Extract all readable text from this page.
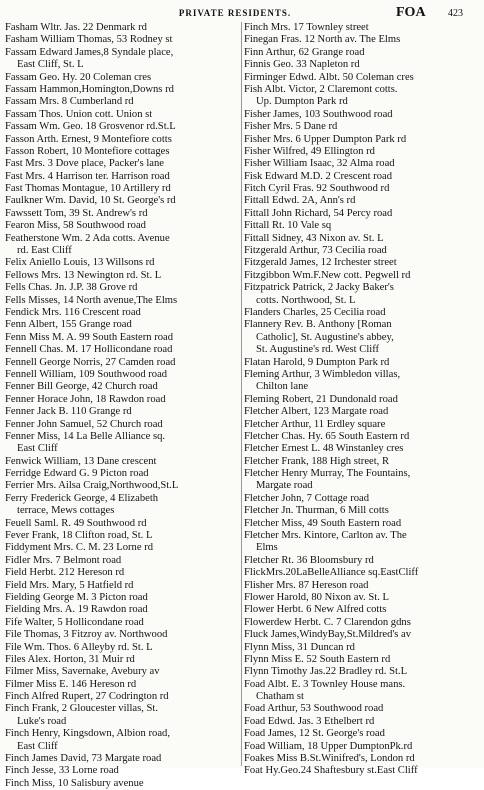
PRIVATE RESIDENTS.	FOA 423
Fasham Wltr. Jas. 22 Denmark rd
Fasham William Thomas, 53 Rodney st
Fassam Edward James,8 Syndale place,
East Cliff, St. L
Fassam Geo. Hy. 20 Coleman cres
Fassam Hammon,Homington,Downs rd
Fassam Mrs. 8 Cumberland rd
Fassam Thos. Union cott. Union st
Fassam Wm. Geo. 18 Grosvenor rd.St.L
Fasson Arth. Ernest, 9 Montefiore cotts
Fasson Robert, 10 Montefiore cottages
Fast Mrs. 3 Dove place, Packer's lane
Fast Mrs. 4 Harrison ter. Harrison road
Fast Thomas Montague, 10 Artillery rd
Faulkner Wm. David, 10 St. George's rd
Fawssett Tom, 39 St. Andrew's rd
Fearon Miss, 58 Southwood road
Featherstone Wm. 2 Ada cotts. Avenue
rd. East Cliff
Felix Aniello Louis, 13 Willsons rd
Fellows Mrs. 13 Newington rd. St. L
Fells Chas. Jn. J.P. 38 Grove rd
Fells Misses, 14 North avenue,The Elms
Fendick Mrs. 116 Crescent road
Fenn Albert, 155 Grange road
Fenn Miss M. A. 99 South Eastern road
Fennell Chas. M. 17 Hollicondane road
Fennell George Norris, 27 Camden road
Fennell William, 109 Southwood road
Fenner Bill George, 42 Church road
Fenner Horace John, 18 Rawdon road
Fenner Jack B. 110 Grange rd
Fenner John Samuel, 52 Church road
Fenner Miss, 14 La Belle Alliance sq.
East Cliff
Fenwick William, 13 Dane crescent
Ferridge Edward G. 9 Picton road
Ferrier Mrs. Ailsa Craig,Northwood,St.L
Ferry Frederick George, 4 Elizabeth
terrace, Mews cottages
Feuell Saml. R. 49 Southwood rd
Fever Frank, 18 Clifton road, St. L
Fiddyment Mrs. C. M. 23 Lorne rd
Fidler Mrs. 7 Belmont road
Field Herbt. 212 Hereson rd
Field Mrs. Mary, 5 Hatfield rd
Fielding George M. 3 Picton road
Fielding Mrs. A. 19 Rawdon road
Fife Walter, 5 Hollicondane road
File Thomas, 3 Fitzroy av. Northwood
File Wm. Thos. 6 Alleyby rd. St. L
Files Alex. Horton, 31 Muir rd
Filmer Miss, Savernake, Avebury av
Filmer Miss E. 146 Hereson rd
Finch Alfred Rupert, 27 Codrington rd
Finch Frank, 2 Gloucester villas, St.
Luke's road
Finch Henry, Kingsdown, Albion road,
East Cliff
Finch James David, 73 Margate road
Finch Jesse, 33 Lorne road
Finch Miss, 10 Salisbury avenue
Finch Mrs. 17 Townley street
Finegan Fras. 12 North av. The Elms
Finn Arthur, 62 Grange road
Finnis Geo. 33 Napleton rd
Firminger Edwd. Albt. 50 Coleman cres
Fish Albt. Victor, 2 Claremont cotts.
Up. Dumpton Park rd
Fisher James, 103 Southwood road
Fisher Mrs. 5 Dane rd
Fisher Mrs. 6 Upper Dumpton Park rd
Fisher Wilfred, 49 Ellington rd
Fisher William Isaac, 32 Alma road
Fisk Edward M.D. 2 Crescent road
Fitch Cyril Fras. 92 Southwood rd
Fittall Edwd. 2A, Ann's rd
Fittall John Richard, 54 Percy road
Fittall Rt. 10 Vale sq
Fittall Sidney, 43 Nixon av. St. L
Fitzgerald Arthur, 73 Cecilia road
Fitzgerald James, 12 Irchester street
Fitzgibbon Wm.F.New cott. Pegwell rd
Fitzpatrick Patrick, 2 Jacky Baker's
cotts. Northwood, St. L
Flanders Charles, 25 Cecilia road
Flannery Rev. B. Anthony [Roman
Catholic], St. Augustine's abbey,
St. Augustine's rd. West Cliff
Flatan Harold, 9 Dumpton Park rd
Fleming Arthur, 3 Wimbledon villas,
Chilton lane
Fleming Robert, 21 Dundonald road
Fletcher Albert, 123 Margate road
Fletcher Arthur, 11 Erdley square
Fletcher Chas. Hy. 65 South Eastern rd
Fletcher Ernest L. 48 Winstanley cres
Fletcher Frank, 188 High street, R
Fletcher Henry Murray, The Fountains,
Margate road
Fletcher John, 7 Cottage road
Fletcher Jn. Thurman, 6 Mill cotts
Fletcher Miss, 49 South Eastern road
Fletcher Mrs. Kintore, Carlton av. The
Elms
Fletcher Rt. 36 Bloomsbury rd
FlickMrs.20LaBelleAlliance sq.EastCliff
Flisher Mrs. 87 Hereson road
Flower Harold, 80 Nixon av. St. L
Flower Herbt. 6 New Alfred cotts
Flowerdew Herbt. C. 7 Clarendon gdns
Fluck James,WindyBay,St.Mildred's av
Flynn Miss, 31 Duncan rd
Flynn Miss E. 52 South Eastern rd
Flynn Timothy Jas.22 Bradley rd. St.L
Foad Albt. E. 3 Townley House mans.
Chatham st
Foad Arthur, 53 Southwood road
Foad Edwd. Jas. 3 Ethelbert rd
Foad James, 12 St. George's road
Foad William, 18 Upper DumptonPk.rd
Foakes Miss B.St.Winifred's, London rd
Foat Hy.Geo.24 Shaftesbury st.East Cliff
